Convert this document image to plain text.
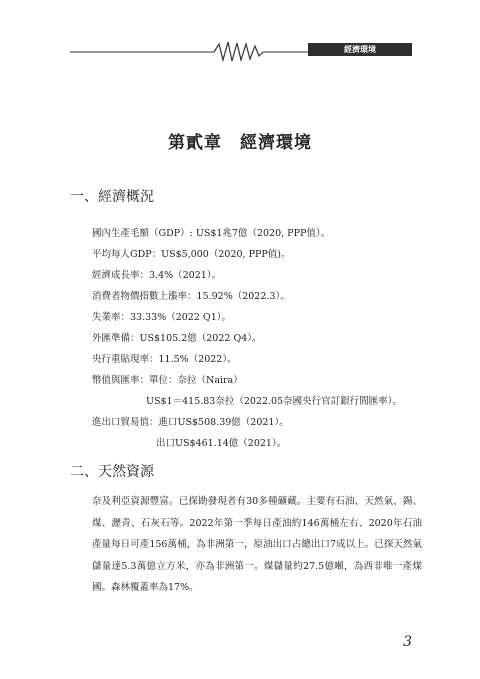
經濟環境
第貳章　經濟環境
一、經濟概況

國內生產毛額（GDP）: US$1兆7億（2020, PPP值）。

平均每人GDP：US$5,000（2020, PPP值)。

經濟成長率：3.4%（2021）。

消費者物價指數上漲率：15.92%（2022.3）。

失業率：33.33%（2022 Q1）。

外匯準備：US$105.2億（2022 Q4）。

央行重貼現率：11.5%（2022）。

幣值與匯率：單位：奈拉（Naira）

US$1＝415.83奈拉（2022.05奈國央行官訂銀行間匯率）。

進出口貿易值：進口US$508.39億（2021）。

出口US$461.14億（2021）。

二、天然資源

奈及利亞資源豐富。已探勘發現者有30多種礦藏。主要有石油、天然氣、錫、煤、瀝青、石灰石等。2022年第一季每日產油約146萬桶左右、2020年石油產量每日可產156萬桶，為非洲第一，原油出口占總出口7成以上。已探天然氣儲量達5.3萬億立方米，亦為非洲第一。煤儲量約27.5億噸，為西非唯一產煤國。森林覆蓋率為17%。

3
